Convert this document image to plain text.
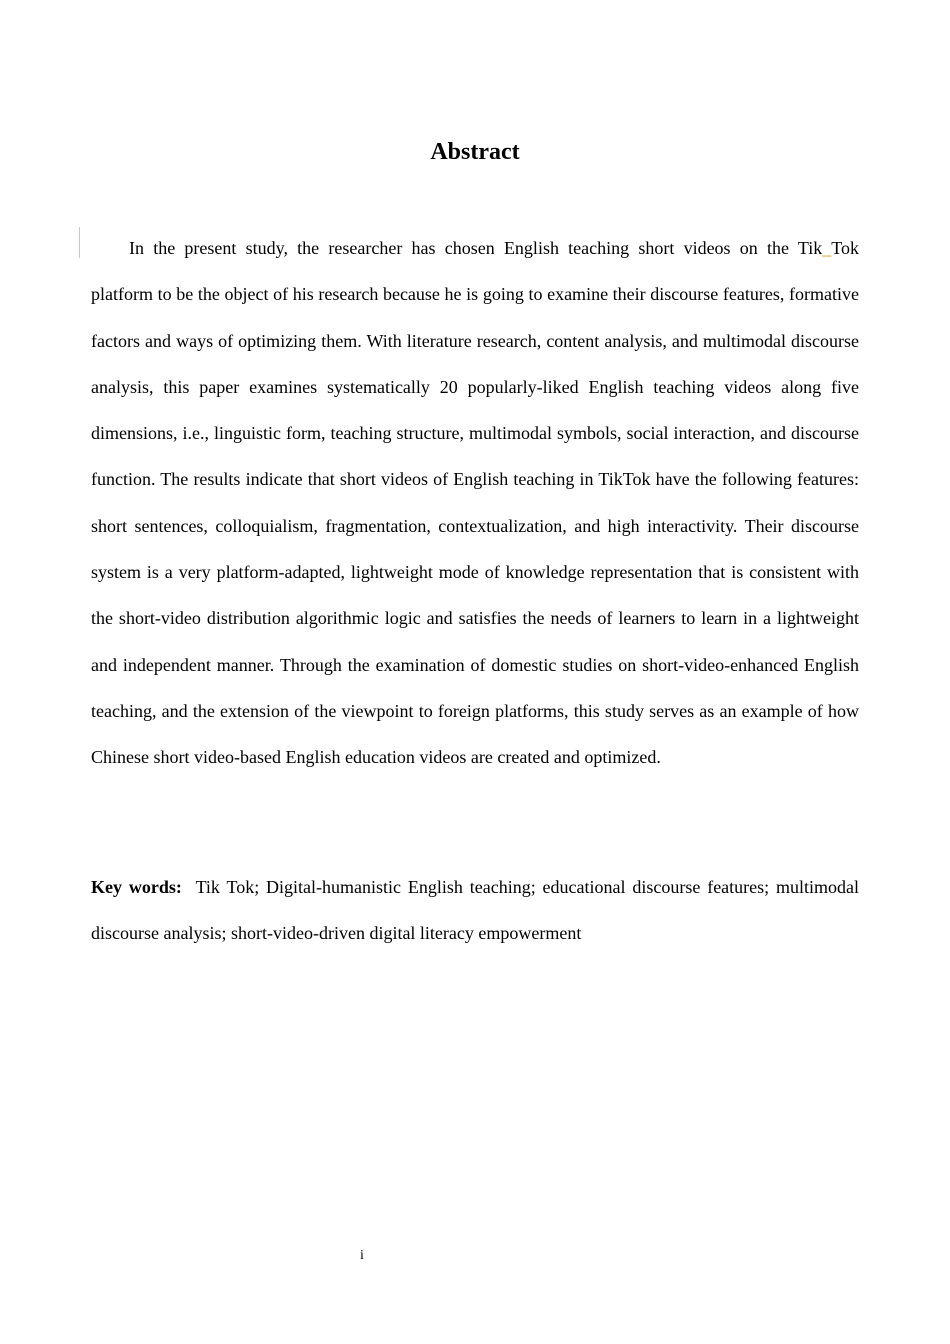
Abstract

In the present study, the researcher has chosen English teaching short videos on the Tik_Tok platform to be the object of his research because he is going to examine their discourse features, formative factors and ways of optimizing them. With literature research, content analysis, and multimodal discourse analysis, this paper examines systematically 20 popularly-liked English teaching videos along five dimensions, i.e., linguistic form, teaching structure, multimodal symbols, social interaction, and discourse function. The results indicate that short videos of English teaching in TikTok have the following features: short sentences, colloquialism, fragmentation, contextualization, and high interactivity. Their discourse system is a very platform-adapted, lightweight mode of knowledge representation that is consistent with the short-video distribution algorithmic logic and satisfies the needs of learners to learn in a lightweight and independent manner. Through the examination of domestic studies on short-video-enhanced English teaching, and the extension of the viewpoint to foreign platforms, this study serves as an example of how Chinese short video-based English education videos are created and optimized.

Key words: Tik Tok; Digital-humanistic English teaching; educational discourse features; multimodal discourse analysis; short-video-driven digital literacy empowerment

i
